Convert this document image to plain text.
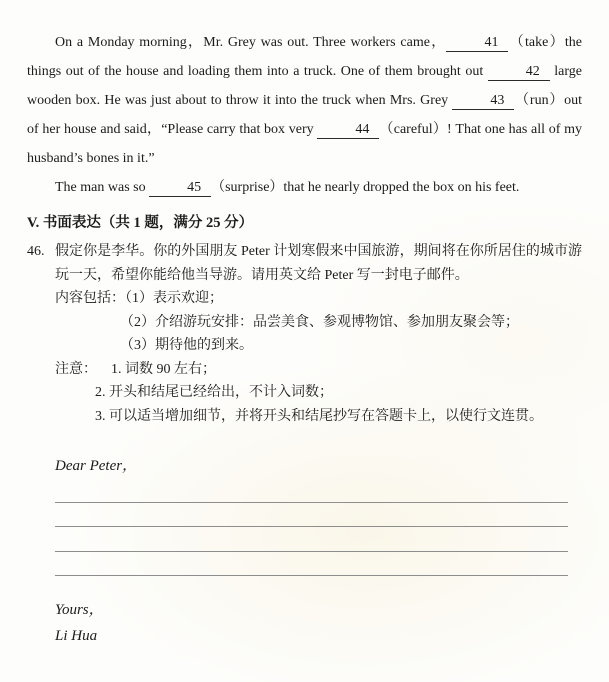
On a Monday morning，Mr. Grey was out. Three workers came，	41 （take）the things out of the house and loading them into a truck. One of them brought out	42 large wooden box. He was just about to throw it into the truck when Mrs. Grey	43 （run）out of her house and said，“Please carry that box very	44 （careful）! That one has all of my husband’s bones in it.”

The man was so	45 （surprise）that he nearly dropped the box on his feet.

V. 书面表达（共 1 题，满分 25 分）
46. 假定你是李华。你的外国朋友 Peter 计划寒假来中国旅游，期间将在你所居住的城市游玩一天，希望你能给他当导游。请用英文给 Peter 写一封电子邮件。
内容包括：（1）表示欢迎；
（2）介绍游玩安排：品尝美食、参观博物馆、参加朋友聚会等；
（3）期待他的到来。
注意： 1. 词数 90 左右；
2. 开头和结尾已经给出，不计入词数；
3. 可以适当增加细节，并将开头和结尾抄写在答题卡上，以使行文连贯。
Dear Peter，
Yours，
Li Hua
